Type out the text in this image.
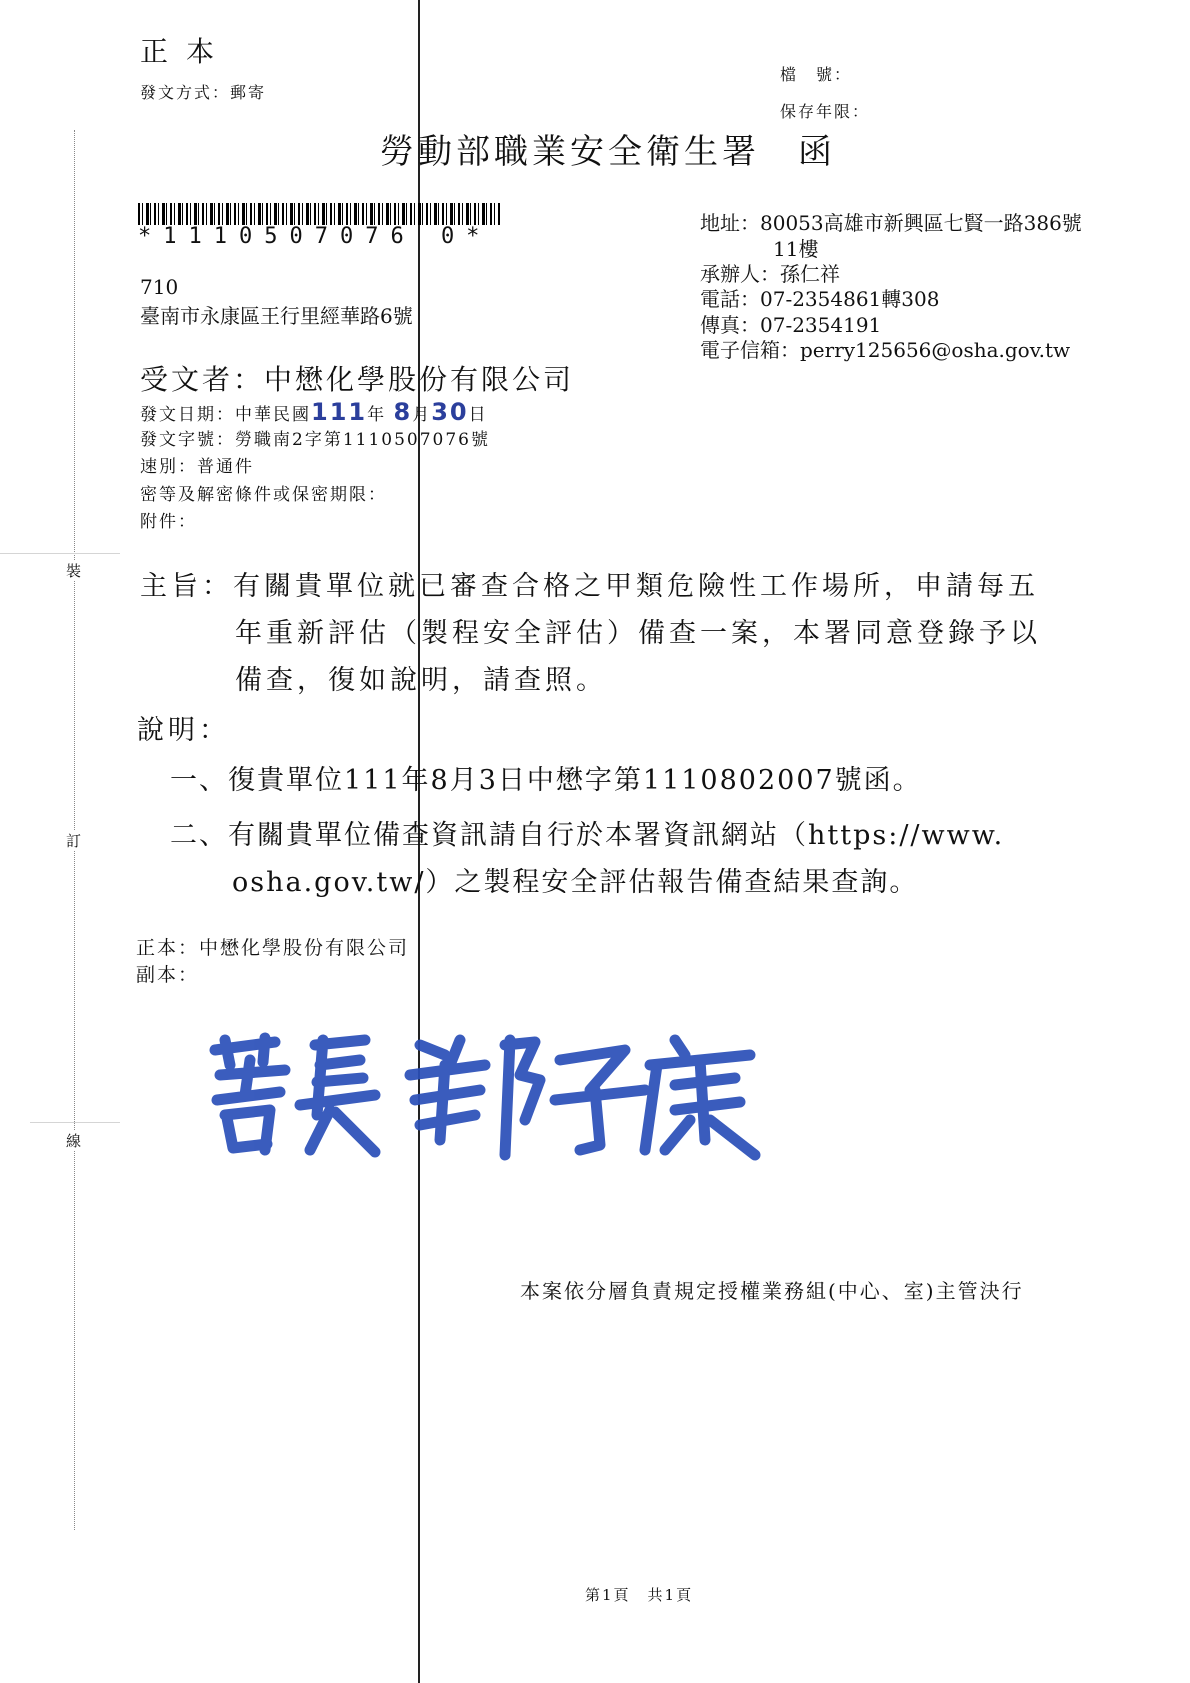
裝
訂
線
正本
發文方式：郵寄
檔　號：
保存年限：
勞動部職業安全衛生署　函
*1110507076 0*
710
臺南市永康區王行里經華路6號
地址：80053高雄市新興區七賢一路386號
11樓
承辦人：孫仁祥
電話：07-2354861轉308
傳真：07-2354191
電子信箱：perry125656@osha.gov.tw
受文者：中懋化學股份有限公司
發文日期：中華民國111年 8月30日
發文字號：勞職南2字第1110507076號
速別：普通件
密等及解密條件或保密期限：
附件：
主旨：有關貴單位就已審查合格之甲類危險性工作場所，申請每五
年重新評估（製程安全評估）備查一案，本署同意登錄予以
備查，復如說明，請查照。
說明：
一、復貴單位111年8月3日中懋字第1110802007號函。
二、有關貴單位備查資訊請自行於本署資訊網站（https://www.
osha.gov.tw/）之製程安全評估報告備查結果查詢。
正本：中懋化學股份有限公司
副本：
本案依分層負責規定授權業務組(中心、室)主管決行
第1頁　共1頁
